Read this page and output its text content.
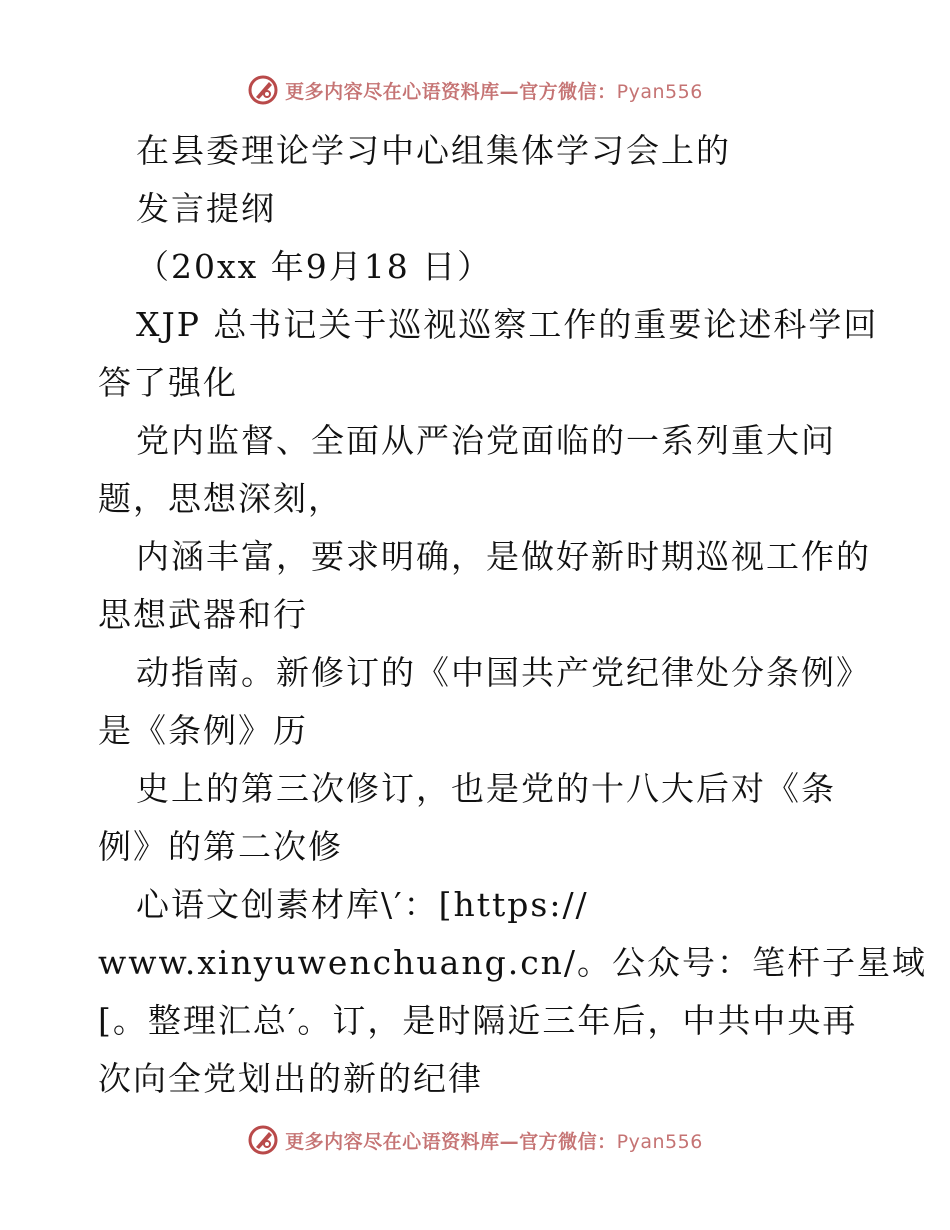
更多内容尽在心语资料库—官方微信：Pyan556
在县委理论学习中心组集体学习会上的
发言提纲
（20xx 年9月18 日）
XJP 总书记关于巡视巡察工作的重要论述科学回
答了强化
党内监督、全面从严治党面临的一系列重大问
题，思想深刻，
内涵丰富，要求明确，是做好新时期巡视工作的
思想武器和行
动指南。新修订的《中国共产党纪律处分条例》
是《条例》历
史上的第三次修订，也是党的十八大后对《条
例》的第二次修
心语文创素材库\′：[https://
www.xinyuwenchuang.cn/。公众号：笔杆子星域
[。整理汇总′。订，是时隔近三年后，中共中央再
次向全党划出的新的纪律
更多内容尽在心语资料库—官方微信：Pyan556
